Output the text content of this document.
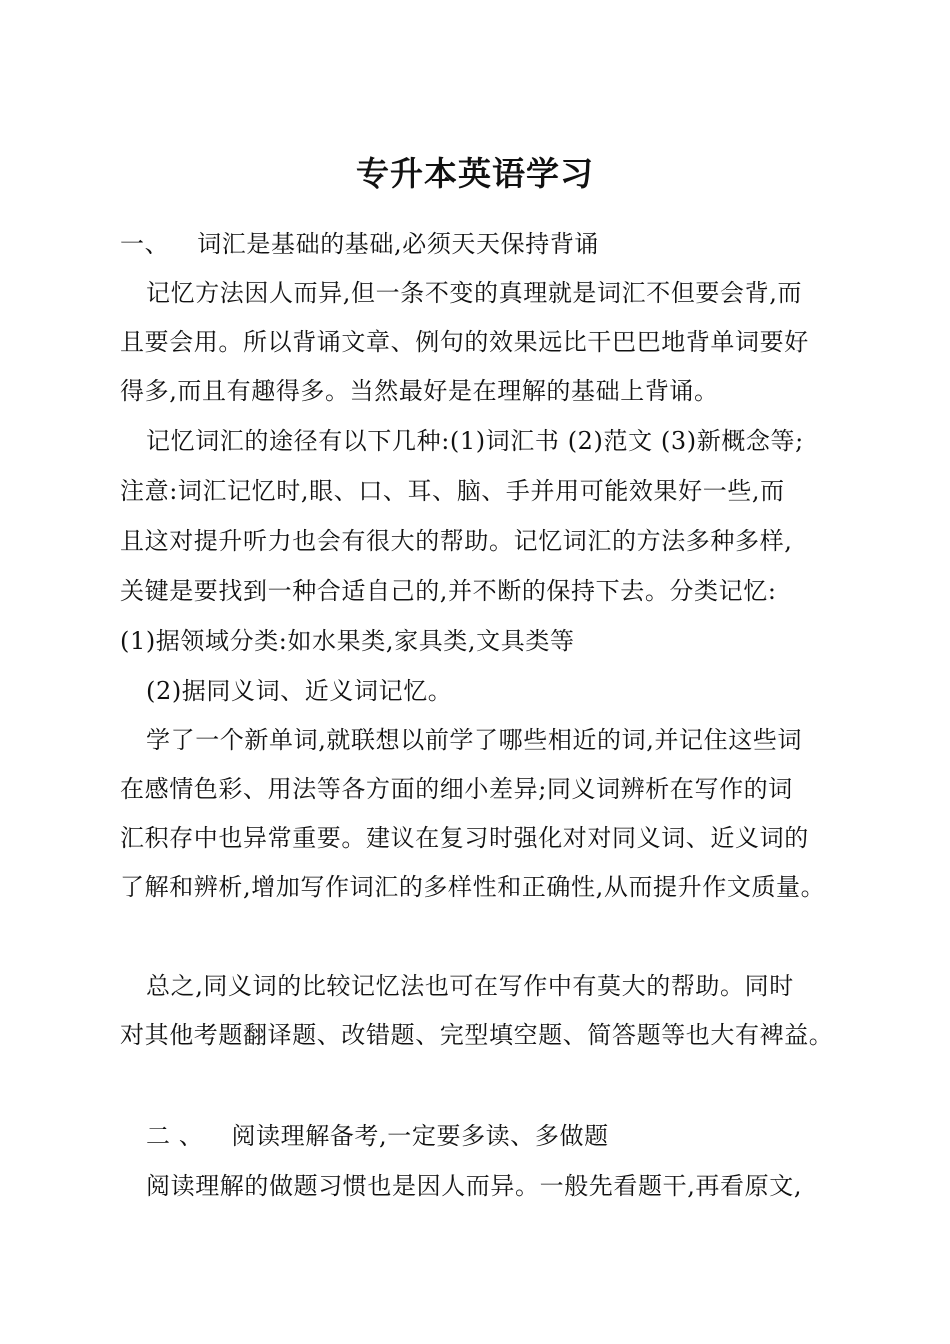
专升本英语学习
一、 词汇是基础的基础,必须天天保持背诵
记忆方法因人而异,但一条不变的真理就是词汇不但要会背,而
且要会用。所以背诵文章、例句的效果远比干巴巴地背单词要好
得多,而且有趣得多。当然最好是在理解的基础上背诵。
记忆词汇的途径有以下几种:(1)词汇书 (2)范文 (3)新概念等;
注意:词汇记忆时,眼、口、耳、脑、手并用可能效果好一些,而
且这对提升听力也会有很大的帮助。记忆词汇的方法多种多样,
关键是要找到一种合适自己的,并不断的保持下去。分类记忆:
(1)据领域分类:如水果类,家具类,文具类等
(2)据同义词、近义词记忆。
学了一个新单词,就联想以前学了哪些相近的词,并记住这些词
在感情色彩、用法等各方面的细小差异;同义词辨析在写作的词
汇积存中也异常重要。建议在复习时强化对对同义词、近义词的
了解和辨析,增加写作词汇的多样性和正确性,从而提升作文质量。
总之,同义词的比较记忆法也可在写作中有莫大的帮助。同时
对其他考题翻译题、改错题、完型填空题、简答题等也大有裨益。
二 、 阅读理解备考,一定要多读、多做题
阅读理解的做题习惯也是因人而异。一般先看题干,再看原文,
